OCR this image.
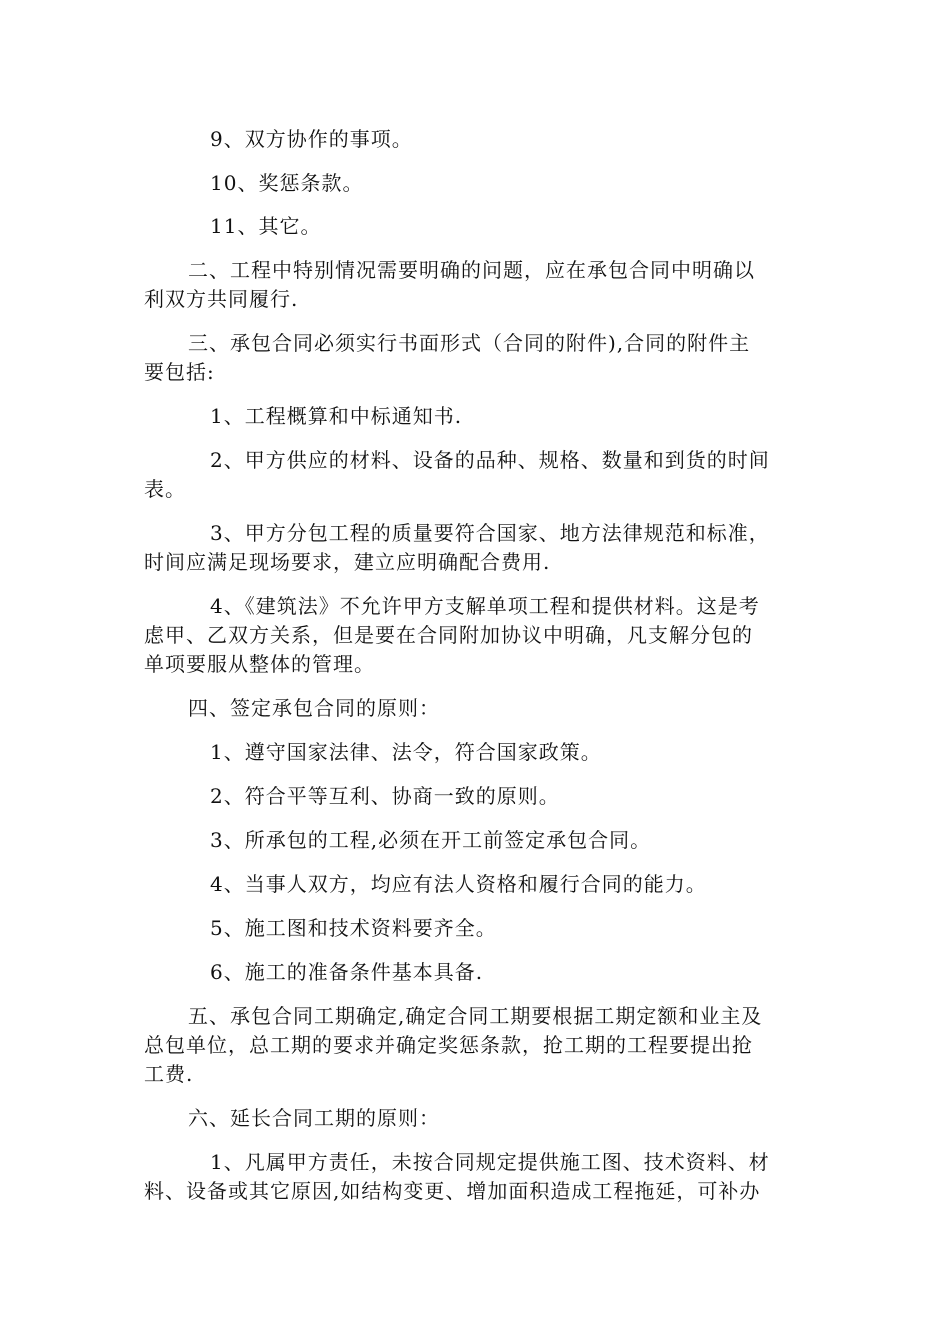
9、双方协作的事项。
10、奖惩条款。
11、其它。
二、工程中特别情况需要明确的问题，应在承包合同中明确以
利双方共同履行.
三、承包合同必须实行书面形式（合同的附件),合同的附件主
要包括:
1、工程概算和中标通知书.
2、甲方供应的材料、设备的品种、规格、数量和到货的时间
表。
3、甲方分包工程的质量要符合国家、地方法律规范和标准，
时间应满足现场要求，建立应明确配合费用.
4、《建筑法》不允许甲方支解单项工程和提供材料。这是考
虑甲、乙双方关系，但是要在合同附加协议中明确，凡支解分包的
单项要服从整体的管理。
四、签定承包合同的原则：
1、遵守国家法律、法令，符合国家政策。
2、符合平等互利、协商一致的原则。
3、所承包的工程,必须在开工前签定承包合同。
4、当事人双方，均应有法人资格和履行合同的能力。
5、施工图和技术资料要齐全。
6、施工的准备条件基本具备.
五、承包合同工期确定,确定合同工期要根据工期定额和业主及
总包单位，总工期的要求并确定奖惩条款，抢工期的工程要提出抢
工费.
六、延长合同工期的原则：
1、凡属甲方责任，未按合同规定提供施工图、技术资料、材
料、设备或其它原因,如结构变更、增加面积造成工程拖延，可补办
